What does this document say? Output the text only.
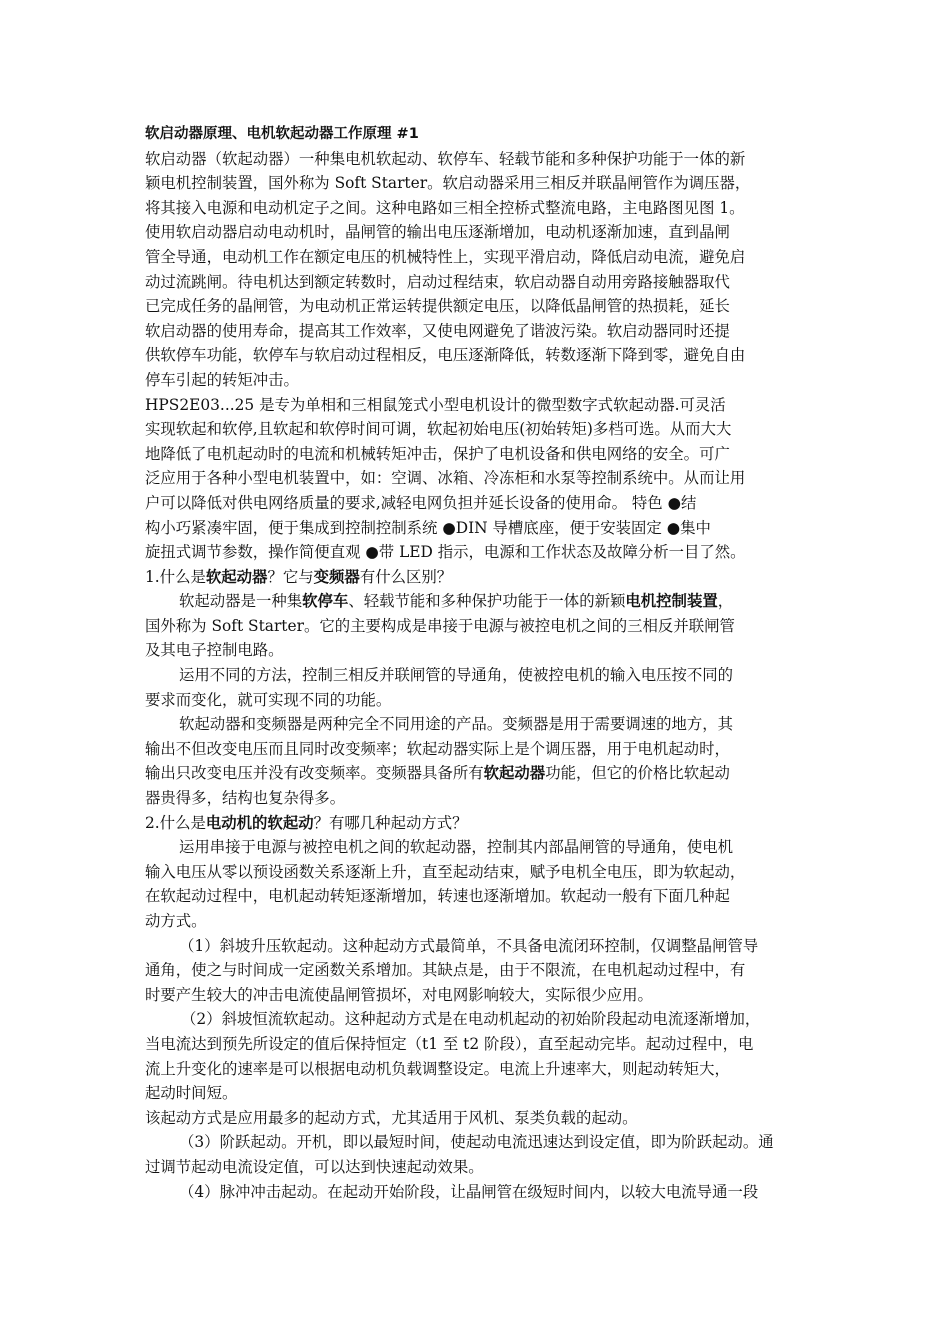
软启动器原理、电机软起动器工作原理 #1
软启动器（软起动器）一种集电机软起动、软停车、轻载节能和多种保护功能于一体的新
颖电机控制装置，国外称为 Soft Starter。软启动器采用三相反并联晶闸管作为调压器，
将其接入电源和电动机定子之间。这种电路如三相全控桥式整流电路，主电路图见图 1。
使用软启动器启动电动机时，晶闸管的输出电压逐渐增加，电动机逐渐加速，直到晶闸
管全导通，电动机工作在额定电压的机械特性上，实现平滑启动，降低启动电流，避免启
动过流跳闸。待电机达到额定转数时，启动过程结束，软启动器自动用旁路接触器取代
已完成任务的晶闸管，为电动机正常运转提供额定电压，以降低晶闸管的热损耗，延长
软启动器的使用寿命，提高其工作效率，又使电网避免了谐波污染。软启动器同时还提
供软停车功能，软停车与软启动过程相反，电压逐渐降低，转数逐渐下降到零，避免自由
停车引起的转矩冲击。
HPS2E03...25 是专为单相和三相鼠笼式小型电机设计的微型数字式软起动器.可灵活
实现软起和软停,且软起和软停时间可调，软起初始电压(初始转矩)多档可选。从而大大
地降低了电机起动时的电流和机械转矩冲击，保护了电机设备和供电网络的安全。可广
泛应用于各种小型电机装置中，如：空调、冰箱、冷冻柜和水泵等控制系统中。从而让用
户可以降低对供电网络质量的要求,减轻电网负担并延长设备的使用命。 特色 ●结
构小巧紧凑牢固，便于集成到控制控制系统 ●DIN 导槽底座，便于安装固定 ●集中
旋扭式调节参数，操作简便直观 ●带 LED 指示，电源和工作状态及故障分析一目了然。
1.什么是软起动器？它与变频器有什么区别？
软起动器是一种集软停车、轻载节能和多种保护功能于一体的新颖电机控制装置，
国外称为 Soft Starter。它的主要构成是串接于电源与被控电机之间的三相反并联闸管
及其电子控制电路。
运用不同的方法，控制三相反并联闸管的导通角，使被控电机的输入电压按不同的
要求而变化，就可实现不同的功能。
软起动器和变频器是两种完全不同用途的产品。变频器是用于需要调速的地方，其
输出不但改变电压而且同时改变频率；软起动器实际上是个调压器，用于电机起动时，
输出只改变电压并没有改变频率。变频器具备所有软起动器功能，但它的价格比软起动
器贵得多，结构也复杂得多。
2.什么是电动机的软起动？有哪几种起动方式？
运用串接于电源与被控电机之间的软起动器，控制其内部晶闸管的导通角，使电机
输入电压从零以预设函数关系逐渐上升，直至起动结束，赋予电机全电压，即为软起动，
在软起动过程中，电机起动转矩逐渐增加，转速也逐渐增加。软起动一般有下面几种起
动方式。
（1）斜坡升压软起动。这种起动方式最简单，不具备电流闭环控制，仅调整晶闸管导
通角，使之与时间成一定函数关系增加。其缺点是，由于不限流，在电机起动过程中，有
时要产生较大的冲击电流使晶闸管损坏，对电网影响较大，实际很少应用。
（2）斜坡恒流软起动。这种起动方式是在电动机起动的初始阶段起动电流逐渐增加，
当电流达到预先所设定的值后保持恒定（t1 至 t2 阶段），直至起动完毕。起动过程中，电
流上升变化的速率是可以根据电动机负载调整设定。电流上升速率大，则起动转矩大，
起动时间短。
该起动方式是应用最多的起动方式，尤其适用于风机、泵类负载的起动。
（3）阶跃起动。开机，即以最短时间，使起动电流迅速达到设定值，即为阶跃起动。通
过调节起动电流设定值，可以达到快速起动效果。
（4）脉冲冲击起动。在起动开始阶段，让晶闸管在级短时间内，以较大电流导通一段
